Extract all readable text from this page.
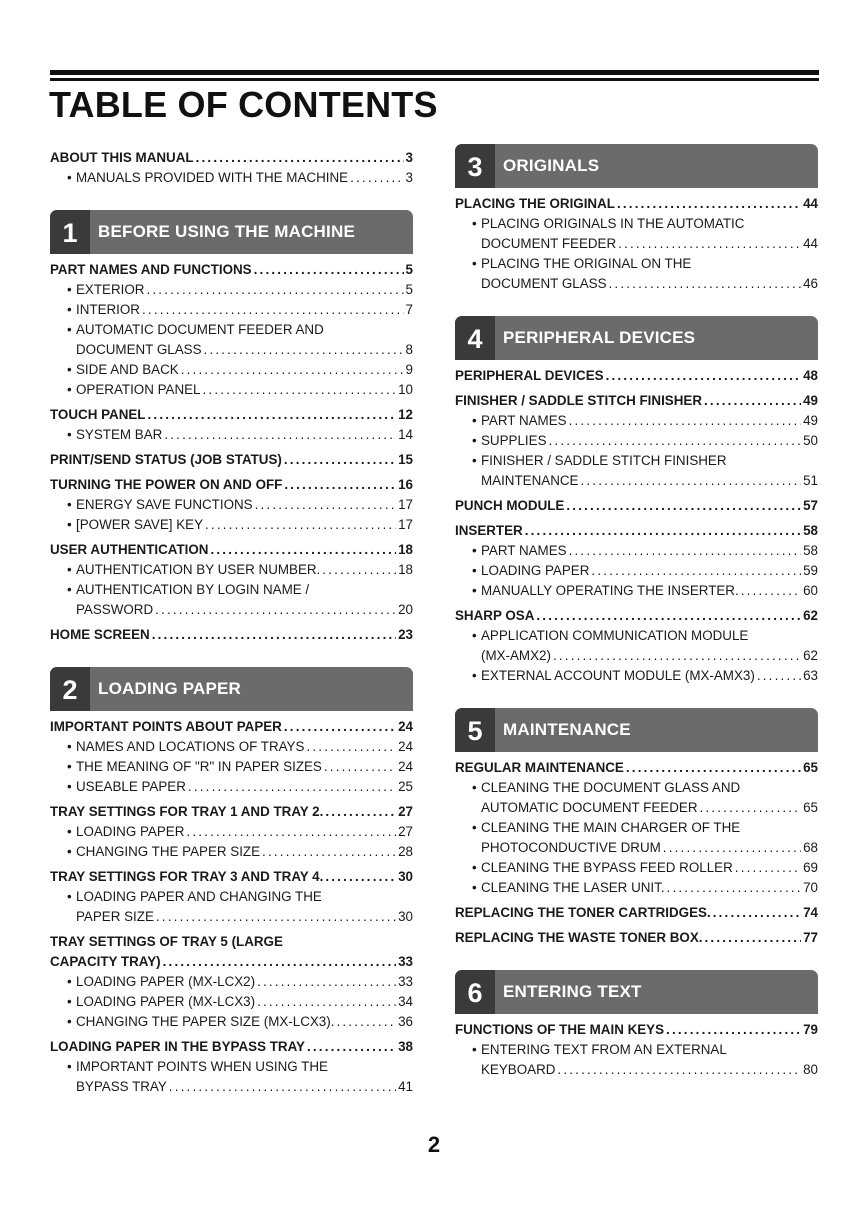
TABLE OF CONTENTS
ABOUT THIS MANUAL .....	3
• MANUALS PROVIDED WITH THE MACHINE .....	3
1	BEFORE USING THE MACHINE
PART NAMES AND FUNCTIONS .....	5
• EXTERIOR .....	5
• INTERIOR .....	7
• AUTOMATIC DOCUMENT FEEDER AND
DOCUMENT GLASS .....	8
• SIDE AND BACK .....	9
• OPERATION PANEL .....	10
TOUCH PANEL .....	12
• SYSTEM BAR .....	14
PRINT/SEND STATUS (JOB STATUS) .....	15
TURNING THE POWER ON AND OFF .....	16
• ENERGY SAVE FUNCTIONS .....	17
• [POWER SAVE] KEY .....	17
USER AUTHENTICATION .....	18
• AUTHENTICATION BY USER NUMBER. .....	18
• AUTHENTICATION BY LOGIN NAME /
PASSWORD .....	20
HOME SCREEN .....	23
2	LOADING PAPER
IMPORTANT POINTS ABOUT PAPER .....	24
• NAMES AND LOCATIONS OF TRAYS .....	24
• THE MEANING OF "R" IN PAPER SIZES .....	24
• USEABLE PAPER .....	25
TRAY SETTINGS FOR TRAY 1 AND TRAY 2. .....	27
• LOADING PAPER .....	27
• CHANGING THE PAPER SIZE .....	28
TRAY SETTINGS FOR TRAY 3 AND TRAY 4. .....	30
• LOADING PAPER AND CHANGING THE
PAPER SIZE .....	30
TRAY SETTINGS OF TRAY 5 (LARGE
CAPACITY TRAY) .....	33
• LOADING PAPER (MX-LCX2) .....	33
• LOADING PAPER (MX-LCX3) .....	34
• CHANGING THE PAPER SIZE (MX-LCX3). .....	36
LOADING PAPER IN THE BYPASS TRAY .....	38
• IMPORTANT POINTS WHEN USING THE
BYPASS TRAY .....	41
3	ORIGINALS
PLACING THE ORIGINAL .....	44
• PLACING ORIGINALS IN THE AUTOMATIC
DOCUMENT FEEDER .....	44
• PLACING THE ORIGINAL ON THE
DOCUMENT GLASS .....	46
4	PERIPHERAL DEVICES
PERIPHERAL DEVICES .....	48
FINISHER / SADDLE STITCH FINISHER .....	49
• PART NAMES .....	49
• SUPPLIES .....	50
• FINISHER / SADDLE STITCH FINISHER
MAINTENANCE .....	51
PUNCH MODULE .....	57
INSERTER .....	58
• PART NAMES .....	58
• LOADING PAPER .....	59
• MANUALLY OPERATING THE INSERTER. .....	60
SHARP OSA .....	62
• APPLICATION COMMUNICATION MODULE
(MX-AMX2) .....	62
• EXTERNAL ACCOUNT MODULE (MX-AMX3) .....	63
5	MAINTENANCE
REGULAR MAINTENANCE .....	65
• CLEANING THE DOCUMENT GLASS AND
AUTOMATIC DOCUMENT FEEDER .....	65
• CLEANING THE MAIN CHARGER OF THE
PHOTOCONDUCTIVE DRUM .....	68
• CLEANING THE BYPASS FEED ROLLER .....	69
• CLEANING THE LASER UNIT. .....	70
REPLACING THE TONER CARTRIDGES. .....	74
REPLACING THE WASTE TONER BOX. .....	77
6	ENTERING TEXT
FUNCTIONS OF THE MAIN KEYS .....	79
• ENTERING TEXT FROM AN EXTERNAL
KEYBOARD .....	80
2
